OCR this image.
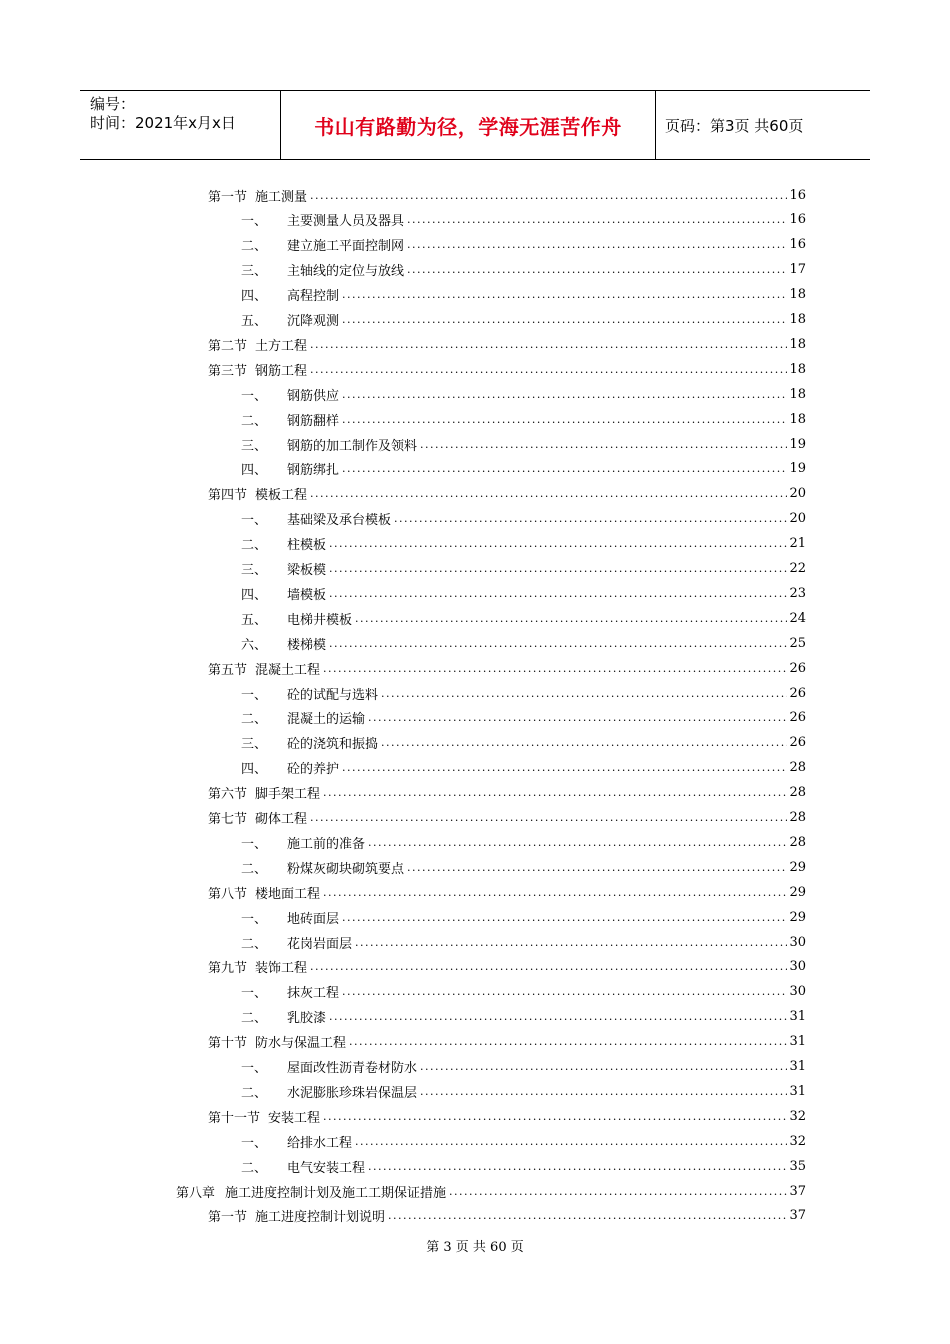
编号：
时间：2021年x月x日	书山有路勤为径，学海无涯苦作舟	页码：第3页 共60页
第一节 施工测量 .....	16
一、 主要测量人员及器具 .....	16
二、 建立施工平面控制网 .....	16
三、 主轴线的定位与放线 .....	17
四、 高程控制 .....	18
五、 沉降观测 .....	18
第二节 土方工程 .....	18
第三节 钢筋工程 .....	18
一、 钢筋供应 .....	18
二、 钢筋翻样 .....	18
三、 钢筋的加工制作及领料 .....	19
四、 钢筋绑扎 .....	19
第四节 模板工程 .....	20
一、 基础梁及承台模板 .....	20
二、 柱模板 .....	21
三、 梁板模 .....	22
四、 墙模板 .....	23
五、 电梯井模板 .....	24
六、 楼梯模 .....	25
第五节 混凝土工程 .....	26
一、 砼的试配与选料 .....	26
二、 混凝土的运输 .....	26
三、 砼的浇筑和振捣 .....	26
四、 砼的养护 .....	28
第六节 脚手架工程 .....	28
第七节 砌体工程 .....	28
一、 施工前的准备 .....	28
二、 粉煤灰砌块砌筑要点 .....	29
第八节 楼地面工程 .....	29
一、 地砖面层 .....	29
二、 花岗岩面层 .....	30
第九节 装饰工程 .....	30
一、 抹灰工程 .....	30
二、 乳胶漆 .....	31
第十节 防水与保温工程 .....	31
一、 屋面改性沥青卷材防水 .....	31
二、 水泥膨胀珍珠岩保温层 .....	31
第十一节 安装工程 .....	32
一、 给排水工程 .....	32
二、 电气安装工程 .....	35
第八章 施工进度控制计划及施工工期保证措施 .....	37
第一节 施工进度控制计划说明 .....	37
第 3 页 共 60 页
